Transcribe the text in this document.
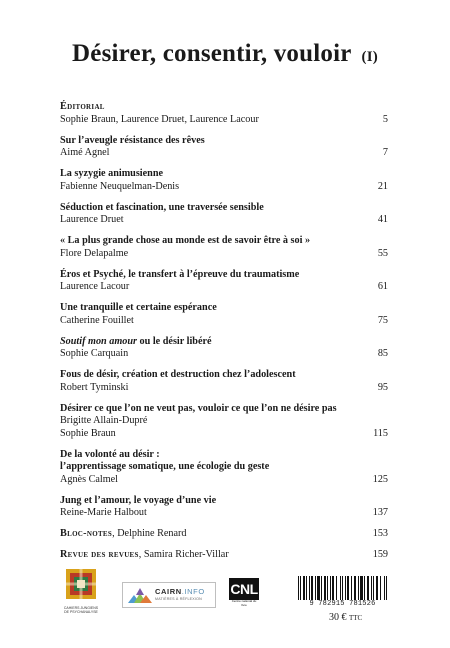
Désirer, consentir, vouloir (I)
Éditorial
Sophie Braun, Laurence Druet, Laurence Lacour	5
Sur l’aveugle résistance des rêves
Aimé Agnel	7
La syzygie animusienne
Fabienne Neuquelman-Denis	21
Séduction et fascination, une traversée sensible
Laurence Druet	41
« La plus grande chose au monde est de savoir être à soi »
Flore Delapalme	55
Éros et Psyché, le transfert à l’épreuve du traumatisme
Laurence Lacour	61
Une tranquille et certaine espérance
Catherine Fouillet	75
Soutif mon amour ou le désir libéré
Sophie Carquain	85
Fous de désir, création et destruction chez l’adolescent
Robert Tyminski	95
Désirer ce que l’on ne veut pas, vouloir ce que l’on ne désire pas
Brigitte Allain-Dupré
Sophie Braun	115
De la volonté au désir :
l’apprentissage somatique, une écologie du geste
Agnès Calmel	125
Jung et l’amour, le voyage d’une vie
Reine-Marie Halbout	137
Bloc-notes, Delphine Renard	153
Revue des revues, Samira Richer-Villar	159
CAHIERS JUNGIENS DE PSYCHANALYSE
CAIRN.INFO
MATIÈRES À RÉFLEXION
CNL
Centre national du livre	9 782915 781526
30 € ttc
